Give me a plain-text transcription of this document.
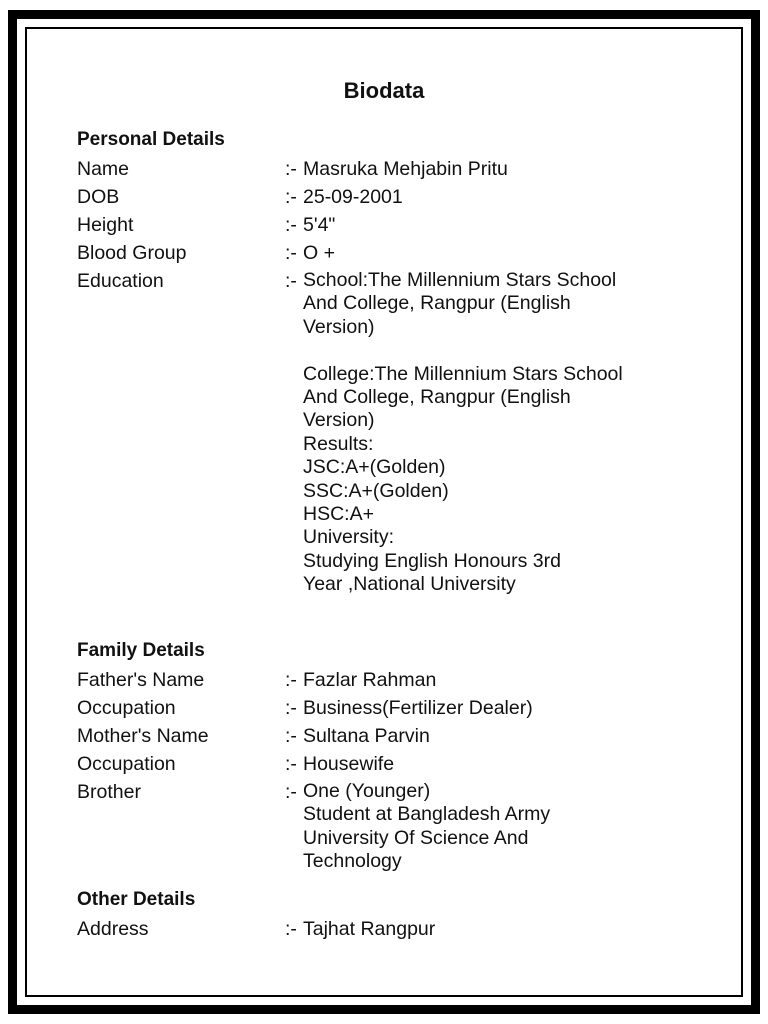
Biodata
Personal Details
Name	:- Masruka Mehjabin Pritu
DOB	:- 25-09-2001
Height	:- 5'4"
Blood Group	:- O +
Education	:- School:The Millennium Stars School
And College, Rangpur (English
Version)
College:The Millennium Stars School
And College, Rangpur (English
Version)
Results:
JSC:A+(Golden)
SSC:A+(Golden)
HSC:A+
University:
Studying English Honours 3rd
Year ,National University
Family Details
Father's Name	:- Fazlar Rahman
Occupation	:- Business(Fertilizer Dealer)
Mother's Name	:- Sultana Parvin
Occupation	:- Housewife
Brother	:- One (Younger)
Student at Bangladesh Army
University Of Science And
Technology
Other Details
Address	:- Tajhat Rangpur
